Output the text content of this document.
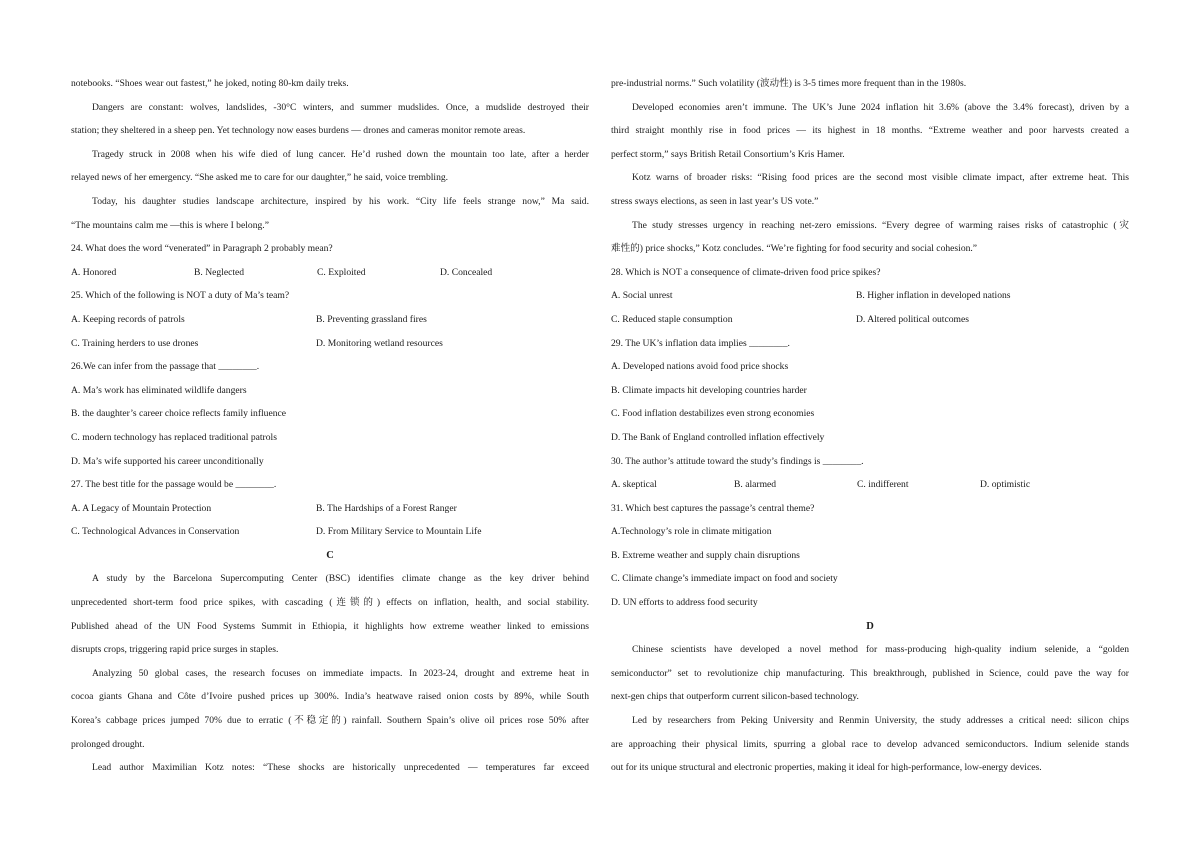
notebooks. “Shoes wear out fastest,” he joked, noting 80-km daily treks.
Dangers are constant: wolves, landslides, -30°C winters, and summer mudslides. Once, a mudslide destroyed their
station; they sheltered in a sheep pen. Yet technology now eases burdens — drones and cameras monitor remote areas.
Tragedy struck in 2008 when his wife died of lung cancer. He’d rushed down the mountain too late, after a herder
relayed news of her emergency. “She asked me to care for our daughter,” he said, voice trembling.
Today, his daughter studies landscape architecture, inspired by his work. “City life feels strange now,” Ma said.
“The mountains calm me —this is where I belong.”
24. What does the word “venerated” in Paragraph 2 probably mean?
A. Honored	B. Neglected	C. Exploited	D. Concealed
25. Which of the following is NOT a duty of Ma’s team?
A. Keeping records of patrols	B. Preventing grassland fires
C. Training herders to use drones	D. Monitoring wetland resources
26.We can infer from the passage that ________.
A. Ma’s work has eliminated wildlife dangers
B. the daughter’s career choice reflects family influence
C. modern technology has replaced traditional patrols
D. Ma’s wife supported his career unconditionally
27. The best title for the passage would be ________.
A. A Legacy of Mountain Protection	B. The Hardships of a Forest Ranger
C. Technological Advances in Conservation	D. From Military Service to Mountain Life
C
A study by the Barcelona Supercomputing Center (BSC) identifies climate change as the key driver behind
unprecedented short-term food price spikes, with cascading (连锁的) effects on inflation, health, and social stability.
Published ahead of the UN Food Systems Summit in Ethiopia, it highlights how extreme weather linked to emissions
disrupts crops, triggering rapid price surges in staples.
Analyzing 50 global cases, the research focuses on immediate impacts. In 2023-24, drought and extreme heat in
cocoa giants Ghana and Côte d’Ivoire pushed prices up 300%. India’s heatwave raised onion costs by 89%, while South
Korea’s cabbage prices jumped 70% due to erratic (不稳定的) rainfall. Southern Spain’s olive oil prices rose 50% after
prolonged drought.
Lead author Maximilian Kotz notes: “These shocks are historically unprecedented — temperatures far exceed
pre-industrial norms.” Such volatility (波动性) is 3-5 times more frequent than in the 1980s.
Developed economies aren’t immune. The UK’s June 2024 inflation hit 3.6% (above the 3.4% forecast), driven by a
third straight monthly rise in food prices — its highest in 18 months. “Extreme weather and poor harvests created a
perfect storm,” says British Retail Consortium’s Kris Hamer.
Kotz warns of broader risks: “Rising food prices are the second most visible climate impact, after extreme heat. This
stress sways elections, as seen in last year’s US vote.”
The study stresses urgency in reaching net-zero emissions. “Every degree of warming raises risks of catastrophic (灾
难性的) price shocks,” Kotz concludes. “We’re fighting for food security and social cohesion.”
28. Which is NOT a consequence of climate-driven food price spikes?
A. Social unrest	B. Higher inflation in developed nations
C. Reduced staple consumption	D. Altered political outcomes
29. The UK’s inflation data implies ________.
A. Developed nations avoid food price shocks
B. Climate impacts hit developing countries harder
C. Food inflation destabilizes even strong economies
D. The Bank of England controlled inflation effectively
30. The author’s attitude toward the study’s findings is ________.
A. skeptical	B. alarmed	C. indifferent	D. optimistic
31. Which best captures the passage’s central theme?
A.Technology’s role in climate mitigation
B. Extreme weather and supply chain disruptions
C. Climate change’s immediate impact on food and society
D. UN efforts to address food security
D
Chinese scientists have developed a novel method for mass-producing high-quality indium selenide, a “golden
semiconductor” set to revolutionize chip manufacturing. This breakthrough, published in Science, could pave the way for
next-gen chips that outperform current silicon-based technology.
Led by researchers from Peking University and Renmin University, the study addresses a critical need: silicon chips
are approaching their physical limits, spurring a global race to develop advanced semiconductors. Indium selenide stands
out for its unique structural and electronic properties, making it ideal for high-performance, low-energy devices.
